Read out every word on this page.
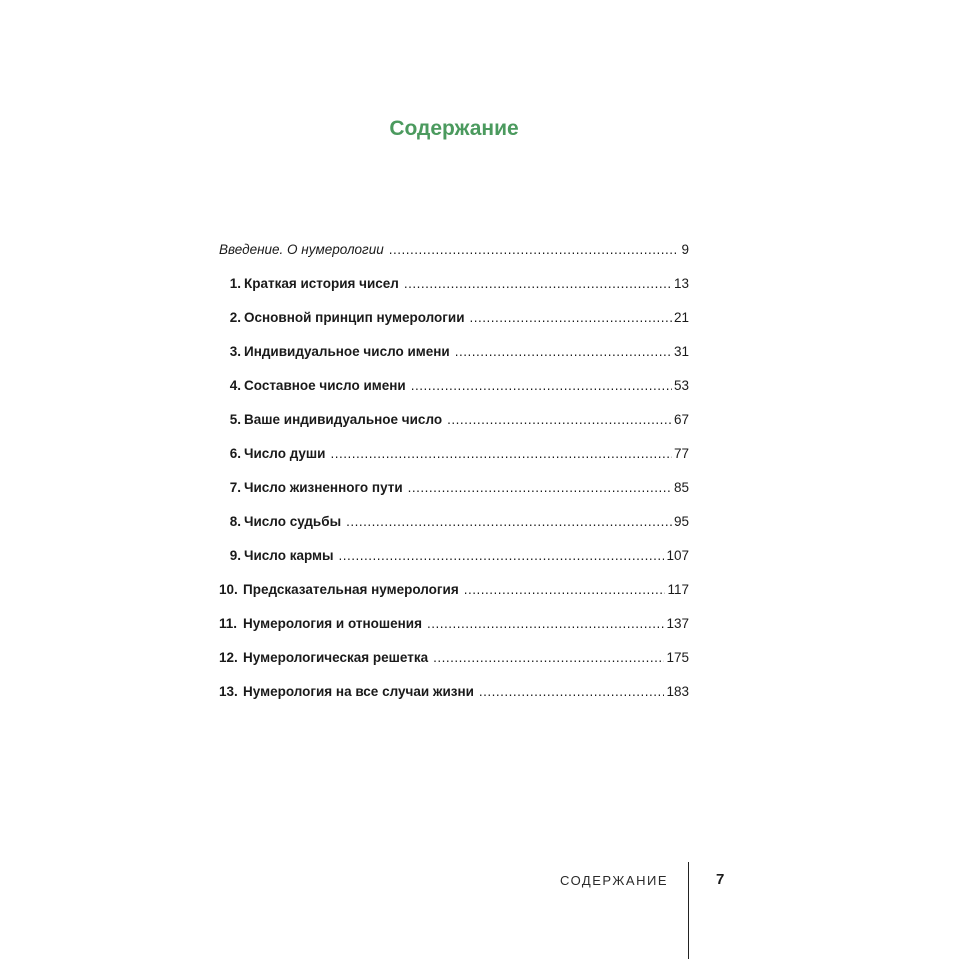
Содержание
Введение. О нумерологии .....	9
1. Краткая история чисел .....	13
2. Основной принцип нумерологии .....	21
3. Индивидуальное число имени .....	31
4. Составное число имени .....	53
5. Ваше индивидуальное число .....	67
6. Число души .....	77
7. Число жизненного пути .....	85
8. Число судьбы .....	95
9. Число кармы .....	107
10. Предсказательная нумерология .....	117
11. Нумерология и отношения .....	137
12. Нумерологическая решетка .....	175
13. Нумерология на все случаи жизни .....	183
СОДЕРЖАНИЕ	7
